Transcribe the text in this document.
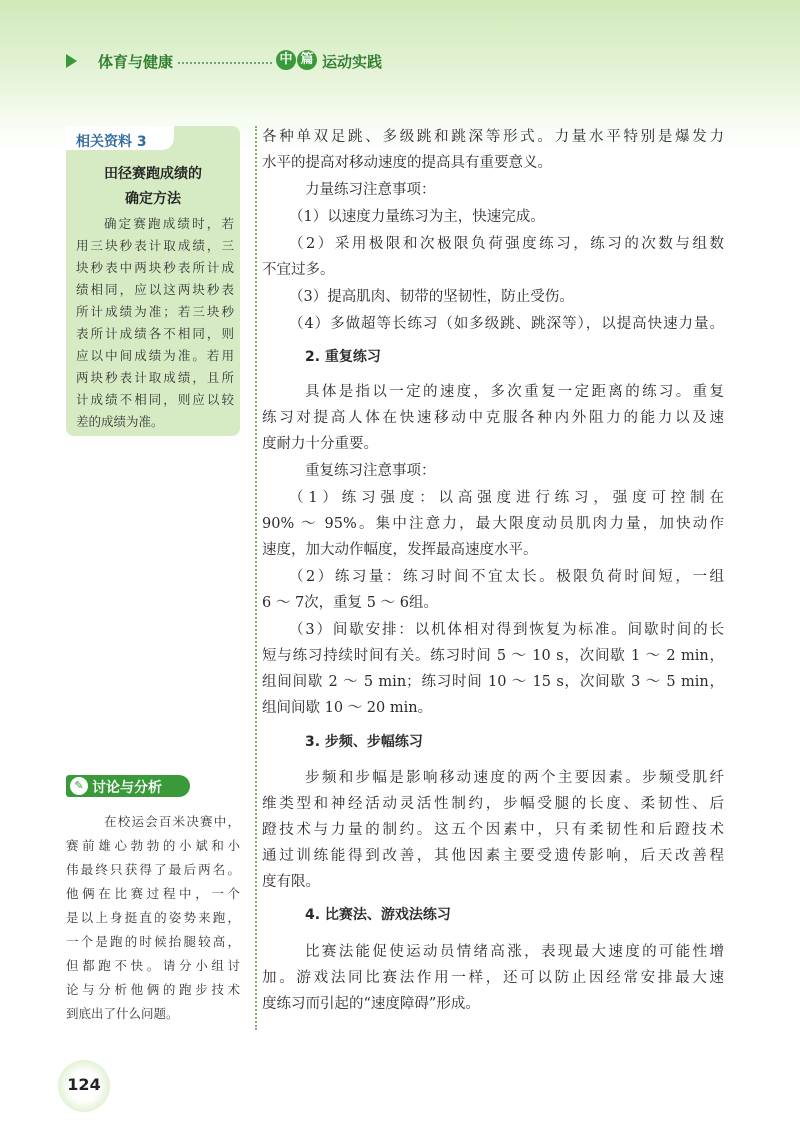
体育与健康	中 篇 运动实践
相关资料 3
田径赛跑成绩的
确定方法
确定赛跑成绩时，若
用三块秒表计取成绩，三
块秒表中两块秒表所计成
绩相同，应以这两块秒表
所计成绩为准；若三块秒
表所计成绩各不相同，则
应以中间成绩为准。若用
两块秒表计取成绩，且所
计成绩不相同，则应以较
差的成绩为准。
✎ 讨论与分析
在校运会百米决赛中，
赛前雄心勃勃的小斌和小
伟最终只获得了最后两名。
他俩在比赛过程中，一个
是以上身挺直的姿势来跑，
一个是跑的时候抬腿较高，
但都跑不快。请分小组讨
论与分析他俩的跑步技术
到底出了什么问题。
各种单双足跳、多级跳和跳深等形式。力量水平特别是爆发力
水平的提高对移动速度的提高具有重要意义。
力量练习注意事项：
（1）以速度力量练习为主，快速完成。
（2）采用极限和次极限负荷强度练习，练习的次数与组数
不宜过多。
（3）提高肌肉、韧带的坚韧性，防止受伤。
（4）多做超等长练习（如多级跳、跳深等），以提高快速力量。
2. 重复练习
具体是指以一定的速度，多次重复一定距离的练习。重复
练习对提高人体在快速移动中克服各种内外阻力的能力以及速
度耐力十分重要。
重复练习注意事项：
（1）练习强度：以高强度进行练习，强度可控制在
90% ～ 95%。集中注意力，最大限度动员肌肉力量，加快动作
速度，加大动作幅度，发挥最高速度水平。
（2）练习量：练习时间不宜太长。极限负荷时间短，一组
6 ～ 7次，重复 5 ～ 6组。
（3）间歇安排：以机体相对得到恢复为标准。间歇时间的长
短与练习持续时间有关。练习时间 5 ～ 10 s，次间歇 1 ～ 2 min，
组间间歇 2 ～ 5 min；练习时间 10 ～ 15 s，次间歇 3 ～ 5 min，
组间间歇 10 ～ 20 min。
3. 步频、步幅练习
步频和步幅是影响移动速度的两个主要因素。步频受肌纤
维类型和神经活动灵活性制约，步幅受腿的长度、柔韧性、后
蹬技术与力量的制约。这五个因素中，只有柔韧性和后蹬技术
通过训练能得到改善，其他因素主要受遗传影响，后天改善程
度有限。
4. 比赛法、游戏法练习
比赛法能促使运动员情绪高涨，表现最大速度的可能性增
加。游戏法同比赛法作用一样，还可以防止因经常安排最大速
度练习而引起的“速度障碍”形成。
124
